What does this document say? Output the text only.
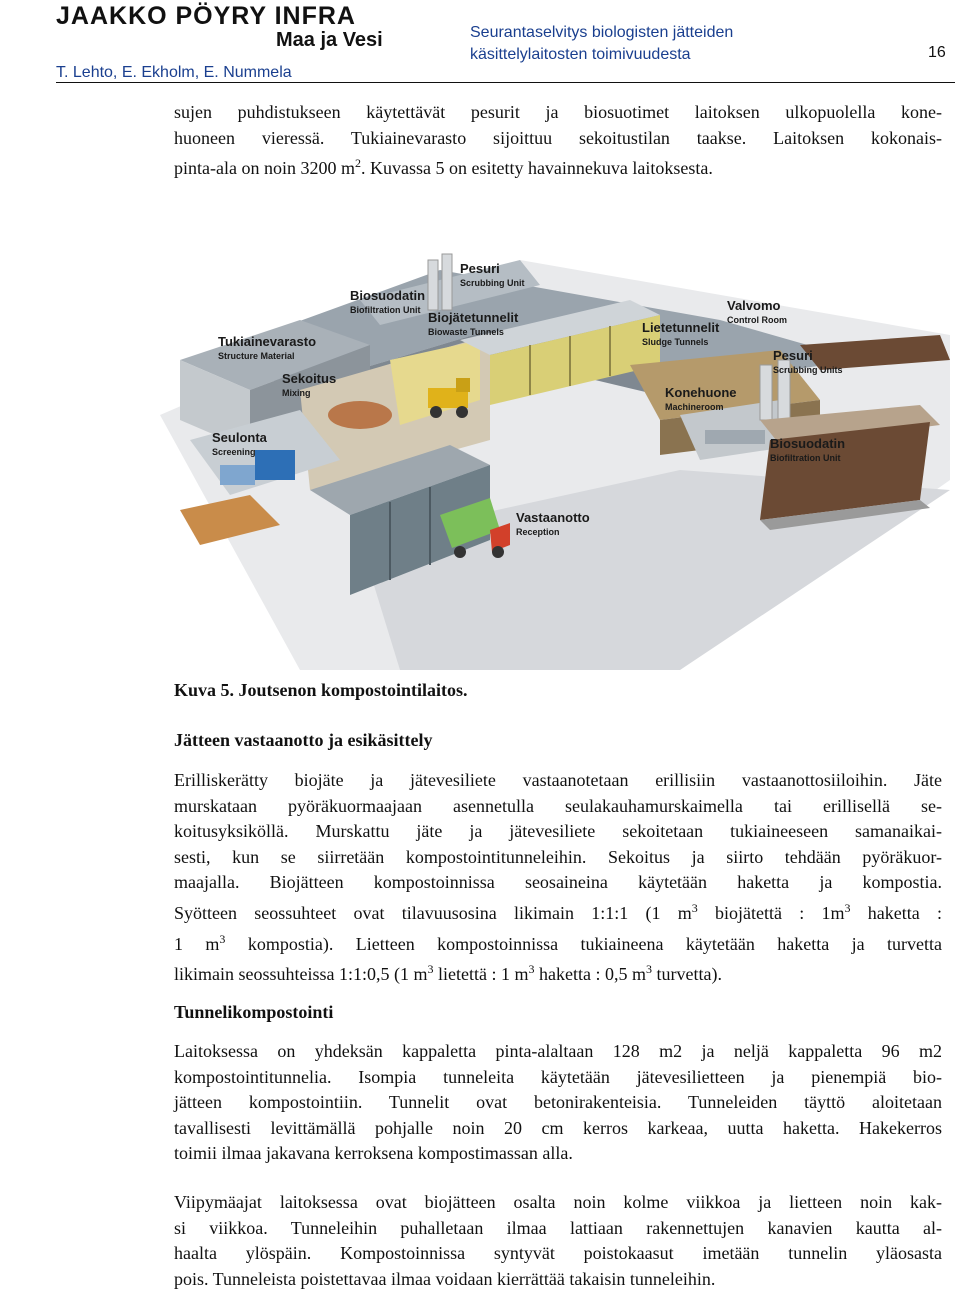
JAAKKO PÖYRY INFRA
Maa ja Vesi
T. Lehto, E. Ekholm, E. Nummela
Seurantaselvitys biologisten jätteiden
käsittelylaitosten toimivuudesta	16
sujen puhdistukseen käytettävät pesurit ja biosuotimet laitoksen ulkopuolella kone-
huoneen vieressä. Tukiainevarasto sijoittuu sekoitustilan taakse. Laitoksen kokonais-
pinta-ala on noin 3200 $m^2$. Kuvassa 5 on esitetty havainnekuva laitoksesta.
Pesuri
Scrubbing Unit
Biosuodatin
Biofiltration Unit Biojätetunnelit
Biowaste Tunnels
Valvomo
Control Room
Tukiainevarasto
Structure Material
Lietetunnelit
Sludge Tunnels
Pesuri
Scrubbing Units
Sekoitus
Mixing	Konehuone
Machineroom
Seulonta
Screening
Biosuodatin
Biofiltration Unit
Vastaanotto
Reception
Kuva 5. Joutsenon kompostointilaitos.
Jätteen vastaanotto ja esikäsittely
Erilliskerätty biojäte ja jätevesiliete vastaanotetaan erillisiin vastaanottosiiloihin. Jäte
murskataan pyöräkuormaajaan asennetulla seulakauhamurskaimella tai erillisellä se-
koitusyksiköllä. Murskattu jäte ja jätevesiliete sekoitetaan tukiaineeseen samanaikai-
sesti, kun se siirretään kompostointitunneleihin. Sekoitus ja siirto tehdään pyöräkuor-
maajalla. Biojätteen kompostoinnissa seosaineina käytetään haketta ja kompostia.
Syötteen seossuhteet ovat tilavuusosina likimain 1:1:1 (1 $m^3$ biojätettä : $1m^3$ haketta :
1 $m^3$ kompostia). Lietteen kompostoinnissa tukiaineena käytetään haketta ja turvetta
likimain seossuhteissa 1:1:0,5 (1 $m^3$ lietettä : 1 $m^3$ haketta : 0,5 $m^3$ turvetta).
Tunnelikompostointi
Laitoksessa on yhdeksän kappaletta pinta-alaltaan 128 m2 ja neljä kappaletta 96 m2
kompostointitunnelia. Isompia tunneleita käytetään jätevesilietteen ja pienempiä bio-
jätteen kompostointiin. Tunnelit ovat betonirakenteisia. Tunneleiden täyttö aloitetaan
tavallisesti levittämällä pohjalle noin 20 cm kerros karkeaa, uutta haketta. Hakekerros
toimii ilmaa jakavana kerroksena kompostimassan alla.
Viipymäajat laitoksessa ovat biojätteen osalta noin kolme viikkoa ja lietteen noin kak-
si viikkoa. Tunneleihin puhalletaan ilmaa lattiaan rakennettujen kanavien kautta al-
haalta ylöspäin. Kompostoinnissa syntyvät poistokaasut imetään tunnelin yläosasta
pois. Tunneleista poistettavaa ilmaa voidaan kierrättää takaisin tunneleihin.
